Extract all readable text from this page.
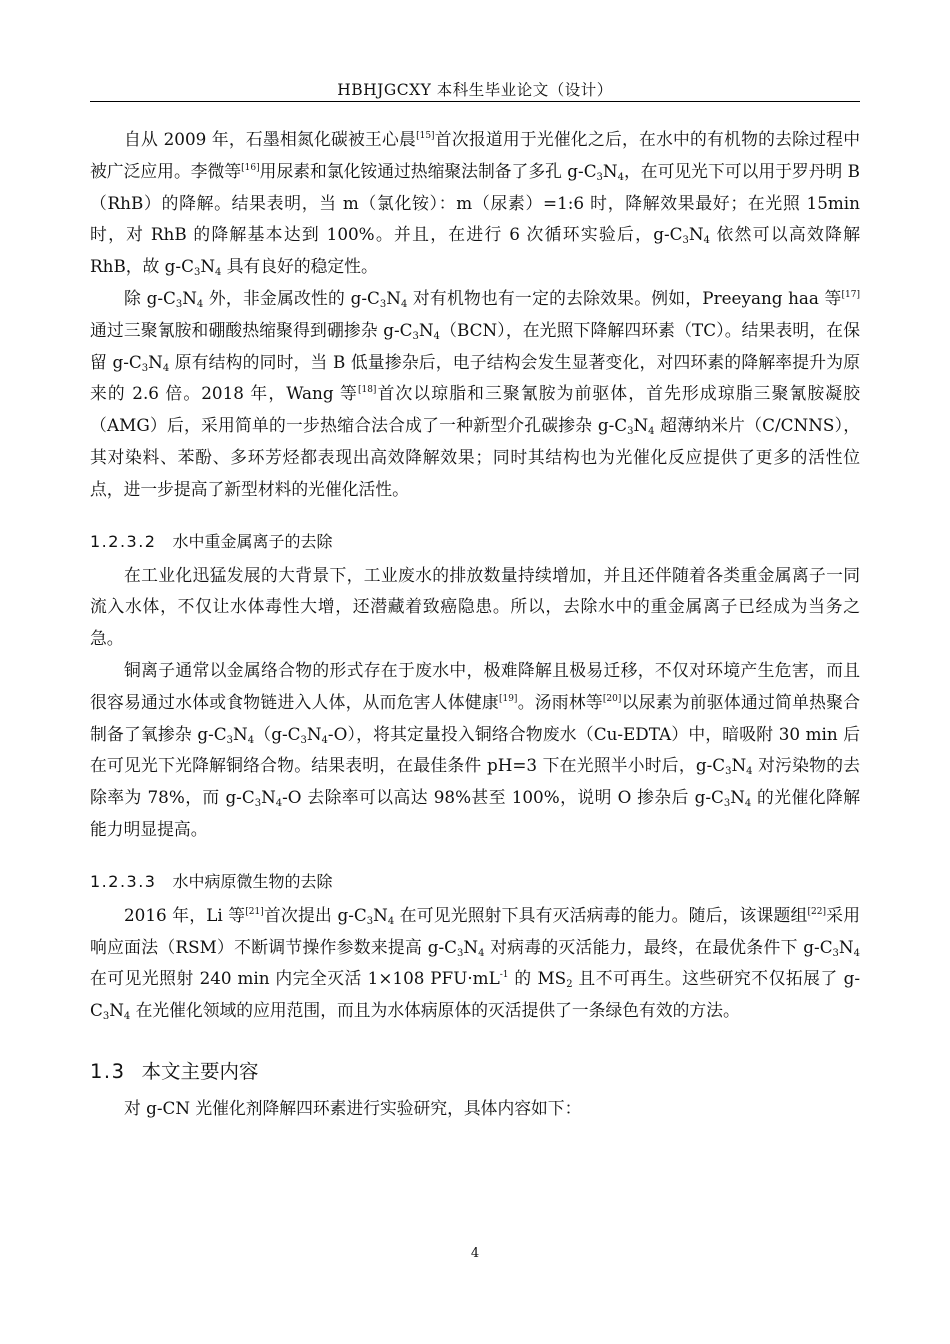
HBHJGCXY 本科生毕业论文（设计）

自从 2009 年，石墨相氮化碳被王心晨[15]首次报道用于光催化之后，在水中的有机物的去除过程中被广泛应用。李微等[16]用尿素和氯化铵通过热缩聚法制备了多孔 $g-C_3N_4$，在可见光下可以用于罗丹明 B（RhB）的降解。结果表明，当 m（氯化铵）：m（尿素）=1:6 时，降解效果最好；在光照 15min 时，对 RhB 的降解基本达到 100%。并且，在进行 6 次循环实验后，$g-C_3N_4$ 依然可以高效降解 RhB，故 $g-C_3N_4$ 具有良好的稳定性。

除 $g-C_3N_4$ 外，非金属改性的 $g-C_3N_4$ 对有机物也有一定的去除效果。例如，Preeyang haa 等[17]通过三聚氰胺和硼酸热缩聚得到硼掺杂 $g-C_3N_4(BCN)$，在光照下降解四环素（TC）。结果表明，在保留 $g-C_3N_4$ 原有结构的同时，当 B 低量掺杂后，电子结构会发生显著变化，对四环素的降解率提升为原来的 2.6 倍。2018 年，Wang 等[18]首次以琼脂和三聚氰胺为前驱体，首先形成琼脂三聚氰胺凝胶（AMG）后，采用简单的一步热缩合法合成了一种新型介孔碳掺杂 $g-C_3N_4$ 超薄纳米片（C/CNNS），其对染料、苯酚、多环芳烃都表现出高效降解效果；同时其结构也为光催化反应提供了更多的活性位点，进一步提高了新型材料的光催化活性。

1.2.3.2 水中重金属离子的去除

在工业化迅猛发展的大背景下，工业废水的排放数量持续增加，并且还伴随着各类重金属离子一同流入水体，不仅让水体毒性大增，还潜藏着致癌隐患。所以，去除水中的重金属离子已经成为当务之急。

铜离子通常以金属络合物的形式存在于废水中，极难降解且极易迁移，不仅对环境产生危害，而且很容易通过水体或食物链进入人体，从而危害人体健康[19]。汤雨林等[20]以尿素为前驱体通过简单热聚合 制备了氧掺杂 $g-C_3N_4(g-C_3N_4-O)$，将其定量投入铜络合物废水（Cu-EDTA）中，暗吸附 30 min 后在可见光下光降解铜络合物。结果表明，在最佳条件 pH=3 下在光照半小时后，$g-C_3N_4$ 对污染物的去除率为 78%，而 $g-C_3N_4-O$ 去除率可以高达 98%甚至 100%，说明 O 掺杂后 $g-C_3N_4$ 的光催化降解能力明显提高。

1.2.3.3 水中病原微生物的去除

2016 年，Li 等[21]首次提出 $g-C_3N_4$ 在可见光照射下具有灭活病毒的能力。随后，该课题组[22]采用响应面法（RSM）不断调节操作参数来提高 $g-C_3N_4$ 对病毒的灭活能力，最终，在最优条件下 $g-C_3N_4$ 在可见光照射 240 min 内完全灭活 1×108 $PFU\cdot mL^{-1}$ 的 $MS_2$ 且不可再生。这些研究不仅拓展了 $g-C_3N_4$ 在光催化领域的应用范围，而且为水体病原体的灭活提供了一条绿色有效的方法。

1.3 本文主要内容

对 g-CN 光催化剂降解四环素进行实验研究，具体内容如下：

4
